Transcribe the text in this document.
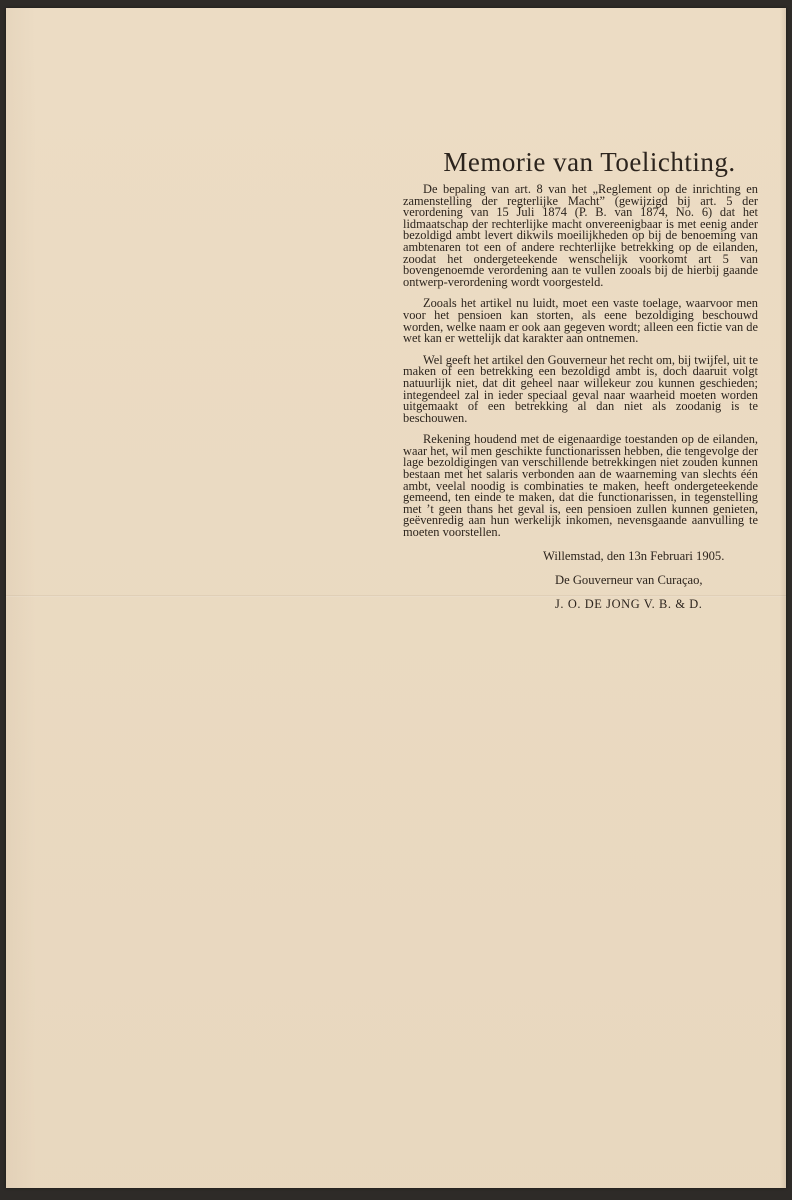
Memorie van Toelichting.

De bepaling van art. 8 van het „Reglement op de inrichting en zamenstelling der regterlijke Macht” (gewijzigd bij art. 5 der verordening van 15 Juli 1874 (P. B. van 1874, No. 6) dat het lidmaatschap der rechterlijke macht onvereenigbaar is met eenig ander bezoldigd ambt levert dikwils moeilijkheden op bij de benoeming van ambtenaren tot een of andere rechterlijke betrekking op de eilanden, zoodat het ondergeteekende wenschelijk voorkomt art 5 van bovengenoemde verordening aan te vullen zooals bij de hierbij gaande ontwerp-verordening wordt voorgesteld.

Zooals het artikel nu luidt, moet een vaste toelage, waarvoor men voor het pensioen kan storten, als eene bezoldiging beschouwd worden, welke naam er ook aan gegeven wordt; alleen een fictie van de wet kan er wettelijk dat karakter aan ontnemen.

Wel geeft het artikel den Gouverneur het recht om, bij twijfel, uit te maken of een betrekking een bezoldigd ambt is, doch daaruit volgt natuurlijk niet, dat dit geheel naar willekeur zou kunnen geschieden; integendeel zal in ieder speciaal geval naar waarheid moeten worden uitgemaakt of een betrekking al dan niet als zoodanig is te beschouwen.

Rekening houdend met de eigenaardige toestanden op de eilanden, waar het, wil men geschikte functionarissen hebben, die tengevolge der lage bezoldigingen van verschillende betrekkingen niet zouden kunnen bestaan met het salaris verbonden aan de waarneming van slechts één ambt, veelal noodig is combinaties te maken, heeft ondergeteekende gemeend, ten einde te maken, dat die functionarissen, in tegenstelling met ’t geen thans het geval is, een pensioen zullen kunnen genieten, geëvenredig aan hun werkelijk inkomen, nevensgaande aanvulling te moeten voorstellen.

Willemstad, den 13n Februari 1905.
De Gouverneur van Curaçao,
J. O. DE JONG V. B. & D.
